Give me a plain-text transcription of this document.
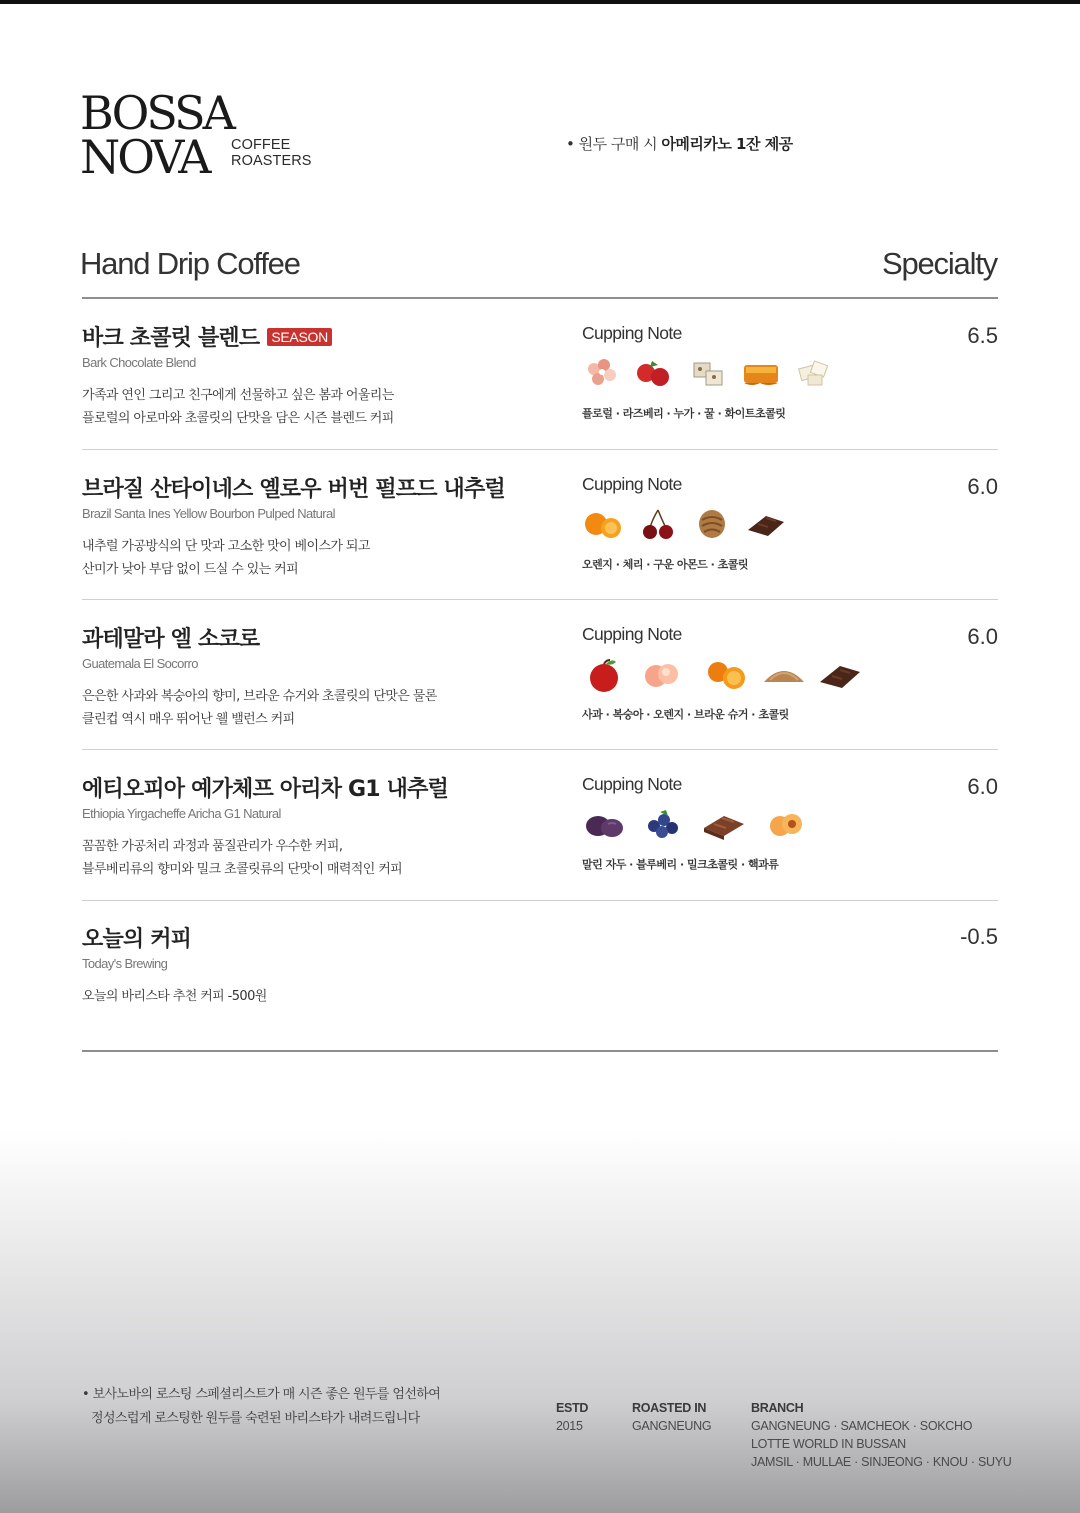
BOSSA
NOVA COFFEE ROASTERS
• 원두 구매 시 아메리카노 1잔 제공
Hand Drip Coffee	Specialty
바크 초콜릿 블렌드 SEASON
Bark Chocolate Blend
가족과 연인 그리고 친구에게 선물하고 싶은 봄과 어울리는
플로럴의 아로마와 초콜릿의 단맛을 담은 시즌 블렌드 커피
Cupping Note	6.5
플로럴 · 라즈베리 · 누가 · 꿀 · 화이트초콜릿
브라질 산타이네스 옐로우 버번 펄프드 내추럴
Brazil Santa Ines Yellow Bourbon Pulped Natural
내추럴 가공방식의 단 맛과 고소한 맛이 베이스가 되고
산미가 낮아 부담 없이 드실 수 있는 커피
Cupping Note	6.0
오렌지 · 체리 · 구운 아몬드 · 초콜릿
과테말라 엘 소코로
Guatemala El Socorro
은은한 사과와 복숭아의 향미, 브라운 슈거와 초콜릿의 단맛은 물론
클린컵 역시 매우 뛰어난 웰 밸런스 커피
Cupping Note	6.0
사과 · 복숭아 · 오렌지 · 브라운 슈거 · 초콜릿
에티오피아 예가체프 아리차 G1 내추럴
Ethiopia Yirgacheffe Aricha G1 Natural
꼼꼼한 가공처리 과정과 품질관리가 우수한 커피,
블루베리류의 향미와 밀크 초콜릿류의 단맛이 매력적인 커피
Cupping Note	6.0
말린 자두 · 블루베리 · 밀크초콜릿 · 핵과류
오늘의 커피
Today's Brewing
오늘의 바리스타 추천 커피 -500원
-0.5
• 보사노바의 로스팅 스페셜리스트가 매 시즌 좋은 원두를 엄선하여
정성스럽게 로스팅한 원두를 숙련된 바리스타가 내려드립니다
ESTD
2015
ROASTED IN
GANGNEUNG
BRANCH
GANGNEUNG · SAMCHEOK · SOKCHO
LOTTE WORLD IN BUSSAN
JAMSIL · MULLAE · SINJEONG · KNOU · SUYU
